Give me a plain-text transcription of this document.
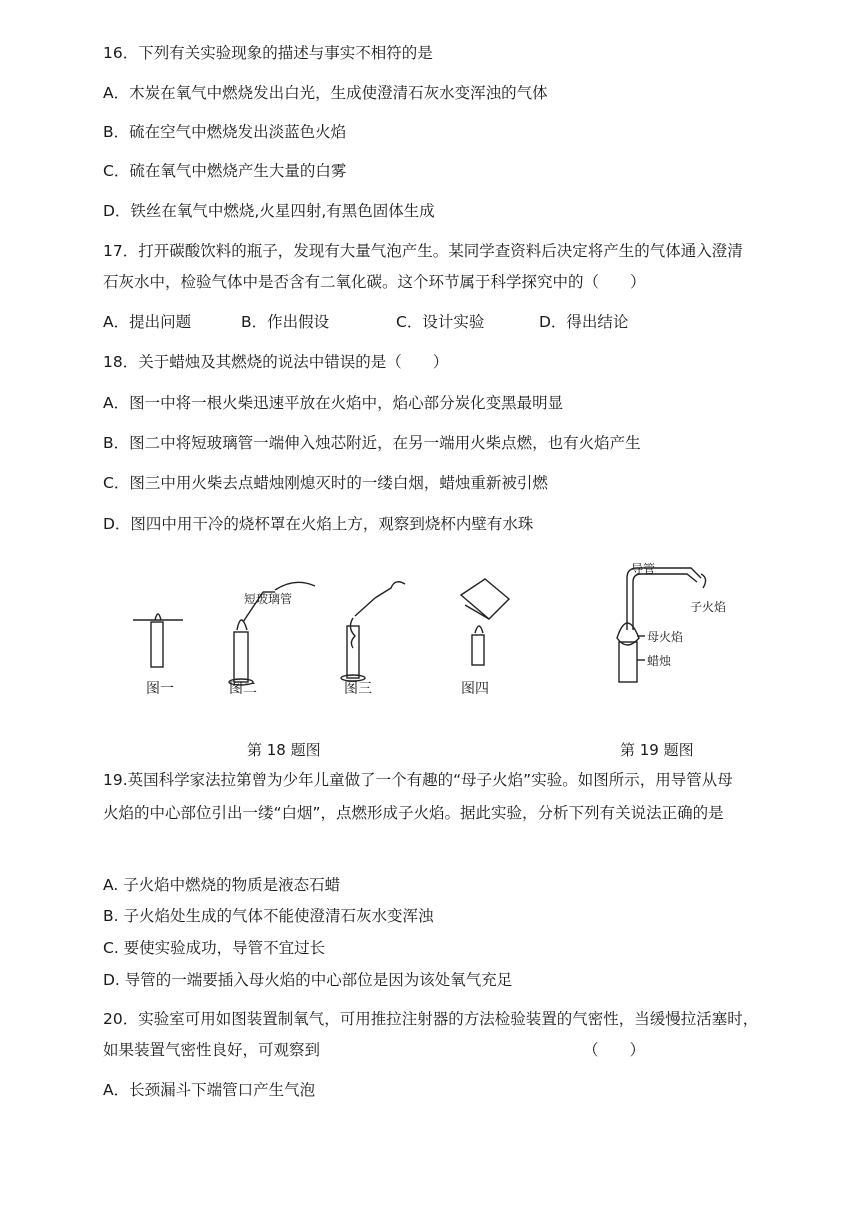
16．下列有关实验现象的描述与事实不相符的是
A．木炭在氧气中燃烧发出白光，生成使澄清石灰水变浑浊的气体
B．硫在空气中燃烧发出淡蓝色火焰
C．硫在氧气中燃烧产生大量的白雾
D．铁丝在氧气中燃烧,火星四射,有黑色固体生成
17．打开碳酸饮料的瓶子，发现有大量气泡产生。某同学查资料后决定将产生的气体通入澄清
石灰水中，检验气体中是否含有二氧化碳。这个环节属于科学探究中的（　　）
A．提出问题	B．作出假设	C．设计实验	D．得出结论
18．关于蜡烛及其燃烧的说法中错误的是（　　）
A．图一中将一根火柴迅速平放在火焰中，焰心部分炭化变黑最明显
B．图二中将短玻璃管一端伸入烛芯附近，在另一端用火柴点燃，也有火焰产生
C．图三中用火柴去点蜡烛刚熄灭时的一缕白烟，蜡烛重新被引燃
D．图四中用干冷的烧杯罩在火焰上方，观察到烧杯内壁有水珠
图一
短玻璃管
图二	图三	图四
导管
子火焰
母火焰
蜡烛
第 18 题图	第 19 题图
19.英国科学家法拉第曾为少年儿童做了一个有趣的“母子火焰”实验。如图所示，用导管从母
火焰的中心部位引出一缕“白烟”，点燃形成子火焰。据此实验，分析下列有关说法正确的是
A. 子火焰中燃烧的物质是液态石蜡
B. 子火焰处生成的气体不能使澄清石灰水变浑浊
C. 要使实验成功，导管不宜过长
D. 导管的一端要插入母火焰的中心部位是因为该处氧气充足
20．实验室可用如图装置制氧气，可用推拉注射器的方法检验装置的气密性，当缓慢拉活塞时，
如果装置气密性良好，可观察到	（　　）
A．长颈漏斗下端管口产生气泡
